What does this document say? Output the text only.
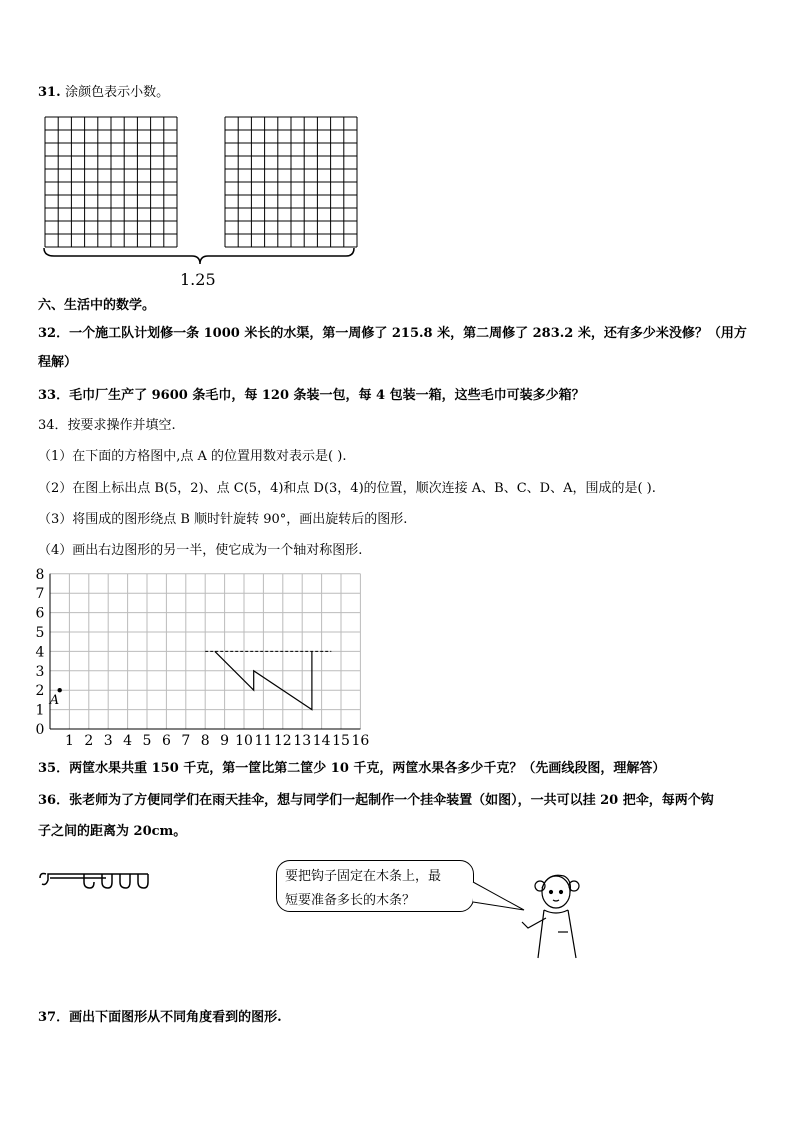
31. 涂颜色表示小数。
1.25
六、生活中的数学。
32．一个施工队计划修一条 1000 米长的水渠，第一周修了 215.8 米，第二周修了 283.2 米，还有多少米没修？（用方
程解）
33．毛巾厂生产了 9600 条毛巾，每 120 条装一包，每 4 包装一箱，这些毛巾可装多少箱？
34．按要求操作并填空.
（1）在下面的方格图中,点 A 的位置用数对表示是( ).
（2）在图上标出点 B(5，2)、点 C(5，4)和点 D(3，4)的位置，顺次连接 A、B、C、D、A，围成的是( ).
（3）将围成的图形绕点 B 顺时针旋转 90°，画出旋转后的图形.
（4）画出右边图形的另一半，使它成为一个轴对称图形.
1 2 3 4 5 6 7 8 9 10 11 12 13 14 15 16
0
1
2
3
4
5
6
7
8
A
35．两筐水果共重 150 千克，第一筐比第二筐少 10 千克，两筐水果各多少千克？（先画线段图，理解答）
36．张老师为了方便同学们在雨天挂伞，想与同学们一起制作一个挂伞装置（如图），一共可以挂 20 把伞，每两个钩
子之间的距离为 20cm。
要把钩子固定在木条上，最
短要准备多长的木条？
37．画出下面图形从不同角度看到的图形.
